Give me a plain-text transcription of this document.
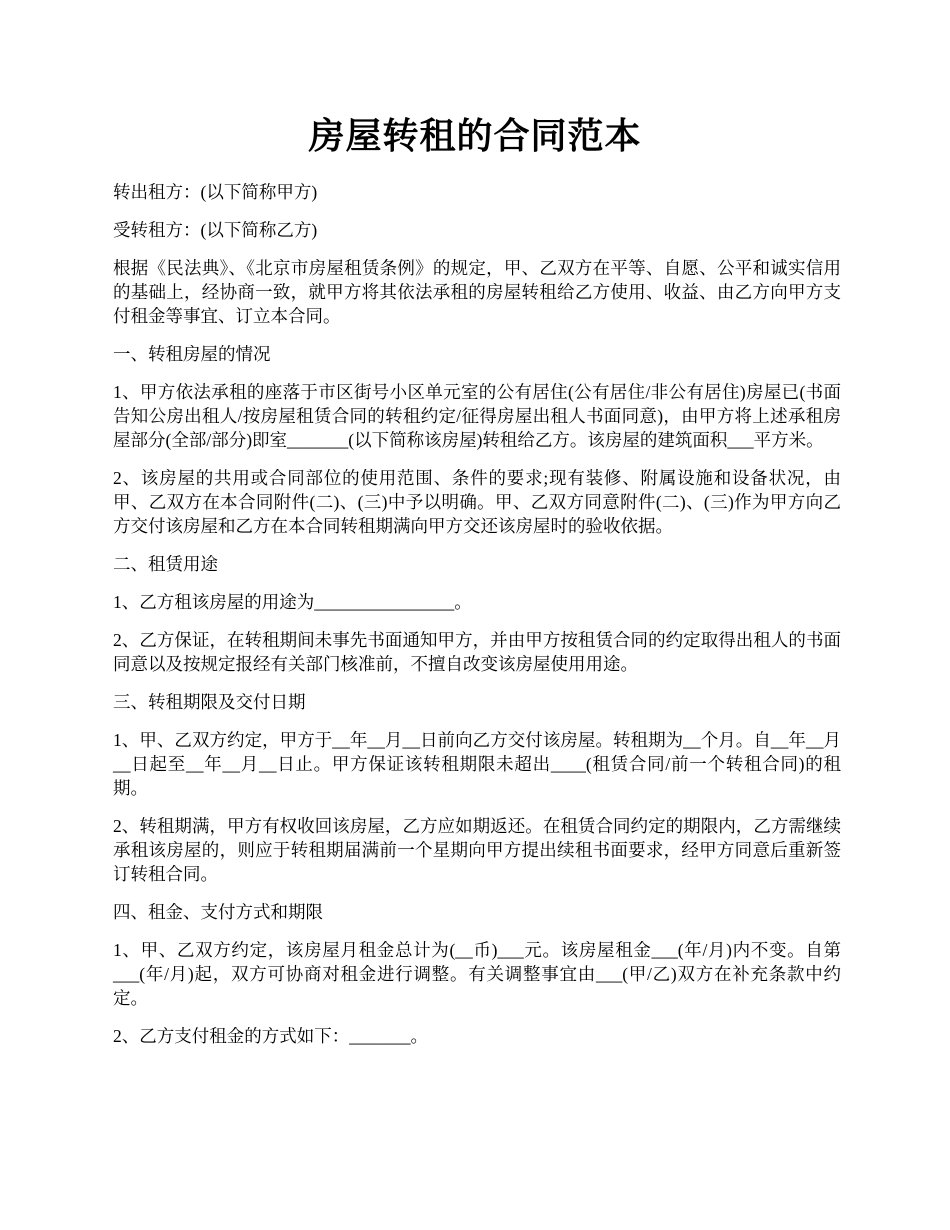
房屋转租的合同范本

转出租方：(以下简称甲方)

受转租方：(以下简称乙方)

根据《民法典》、《北京市房屋租赁条例》的规定，甲、乙双方在平等、自愿、公平和诚实信用的基础上，经协商一致，就甲方将其依法承租的房屋转租给乙方使用、收益、由乙方向甲方支付租金等事宜、订立本合同。

一、转租房屋的情况

1、甲方依法承租的座落于市区街号小区单元室的公有居住(公有居住/非公有居住)房屋已(书面告知公房出租人/按房屋租赁合同的转租约定/征得房屋出租人书面同意)，由甲方将上述承租房屋部分(全部/部分)即室_______(以下简称该房屋)转租给乙方。该房屋的建筑面积___平方米。

2、该房屋的共用或合同部位的使用范围、条件的要求;现有装修、附属设施和设备状况，由甲、乙双方在本合同附件(二)、(三)中予以明确。甲、乙双方同意附件(二)、(三)作为甲方向乙方交付该房屋和乙方在本合同转租期满向甲方交还该房屋时的验收依据。

二、租赁用途

1、乙方租该房屋的用途为________________。

2、乙方保证，在转租期间未事先书面通知甲方，并由甲方按租赁合同的约定取得出租人的书面同意以及按规定报经有关部门核准前，不擅自改变该房屋使用用途。

三、转租期限及交付日期

1、甲、乙双方约定，甲方于__年__月__日前向乙方交付该房屋。转租期为__个月。自__年__月__日起至__年__月__日止。甲方保证该转租期限未超出____(租赁合同/前一个转租合同)的租期。

2、转租期满，甲方有权收回该房屋，乙方应如期返还。在租赁合同约定的期限内，乙方需继续承租该房屋的，则应于转租期届满前一个星期向甲方提出续租书面要求，经甲方同意后重新签订转租合同。

四、租金、支付方式和期限

1、甲、乙双方约定，该房屋月租金总计为(__币)___元。该房屋租金___(年/月)内不变。自第___(年/月)起，双方可协商对租金进行调整。有关调整事宜由___(甲/乙)双方在补充条款中约定。

2、乙方支付租金的方式如下：_______。
